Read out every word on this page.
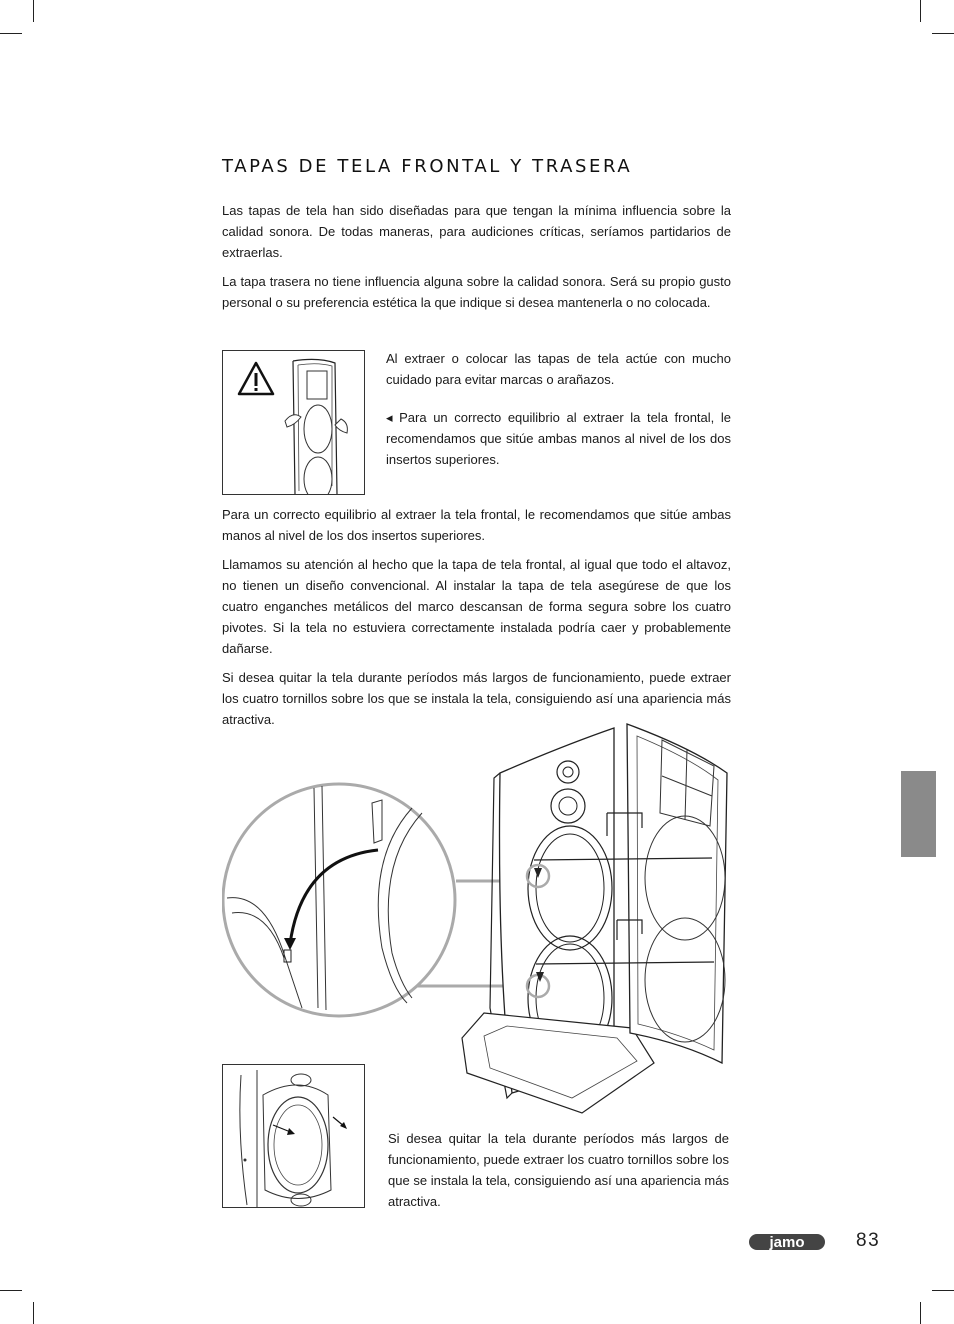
TAPAS DE TELA FRONTAL Y TRASERA

Las tapas de tela han sido diseñadas para que tengan la mínima influencia sobre la calidad sonora. De todas maneras, para audiciones críticas, seríamos partidarios de extraerlas.

La tapa trasera no tiene influencia alguna sobre la calidad sonora. Será su propio gusto personal o su preferencia estética la que indique si desea mantenerla o no colocada.

Al extraer o colocar las tapas de tela actúe con mucho cuidado para evitar marcas o arañazos.

◂ Para un correcto equilibrio al extraer la tela frontal, le recomendamos que sitúe ambas manos al nivel de los dos insertos superiores.

Para un correcto equilibrio al extraer la tela frontal, le recomendamos que sitúe ambas manos al nivel de los dos insertos superiores.

Llamamos su atención al hecho que la tapa de tela frontal, al igual que todo el altavoz, no tienen un diseño convencional. Al instalar la tapa de tela asegúrese de que los cuatro enganches metálicos del marco descansan de forma segura sobre los cuatro pivotes. Si la tela no estuviera correctamente instalada podría caer y probablemente dañarse.

Si desea quitar la tela durante períodos más largos de funcionamiento, puede extraer los cuatro tornillos sobre los que se instala la tela, consiguiendo así una apariencia más atractiva.

Si desea quitar la tela durante períodos más largos de funcionamiento, puede extraer los cuatro tornillos sobre los que se instala la tela, consiguiendo así una apariencia más atractiva.

jamo	83
